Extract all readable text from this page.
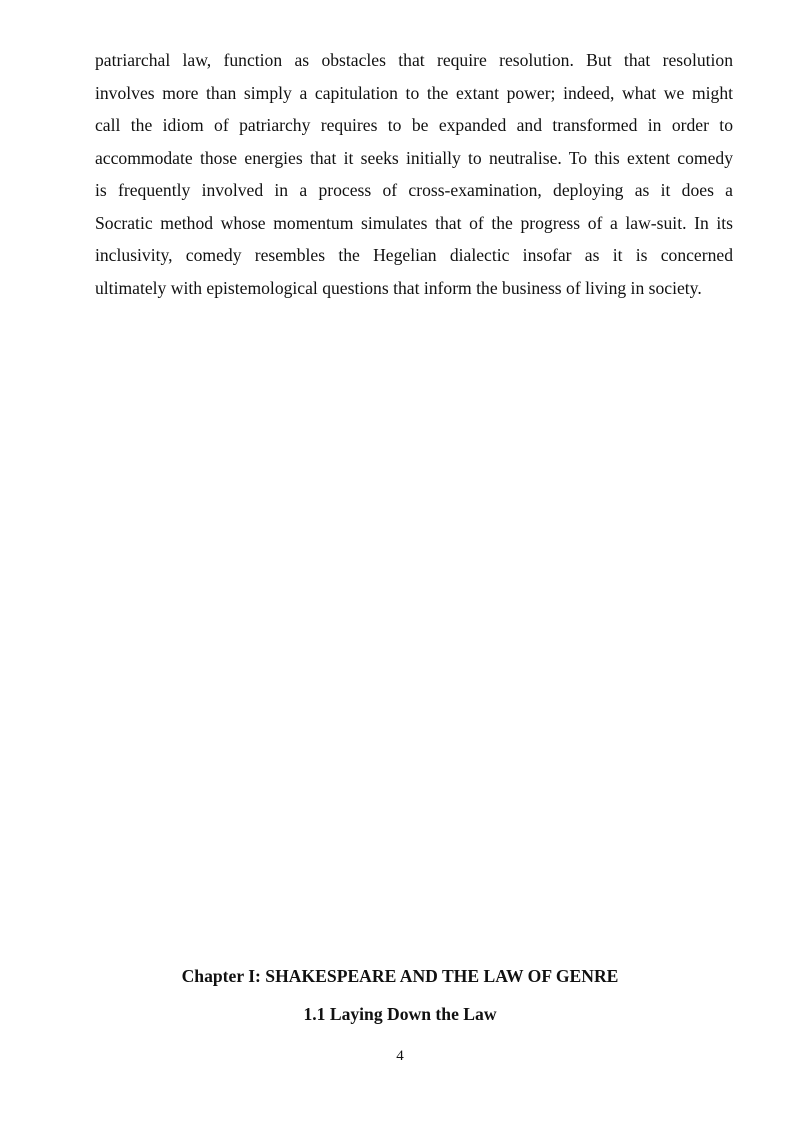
patriarchal law, function as obstacles that require resolution. But that resolution
involves more than simply a capitulation to the extant power; indeed, what we might
call the idiom of patriarchy requires to be expanded and transformed in order to
accommodate those energies that it seeks initially to neutralise. To this extent comedy
is frequently involved in a process of cross-examination, deploying as it does a
Socratic method whose momentum simulates that of the progress of a law-suit. In its
inclusivity, comedy resembles the Hegelian dialectic insofar as it is concerned
ultimately with epistemological questions that inform the business of living in society.
Chapter I: SHAKESPEARE AND THE LAW OF GENRE
1.1 Laying Down the Law
4
